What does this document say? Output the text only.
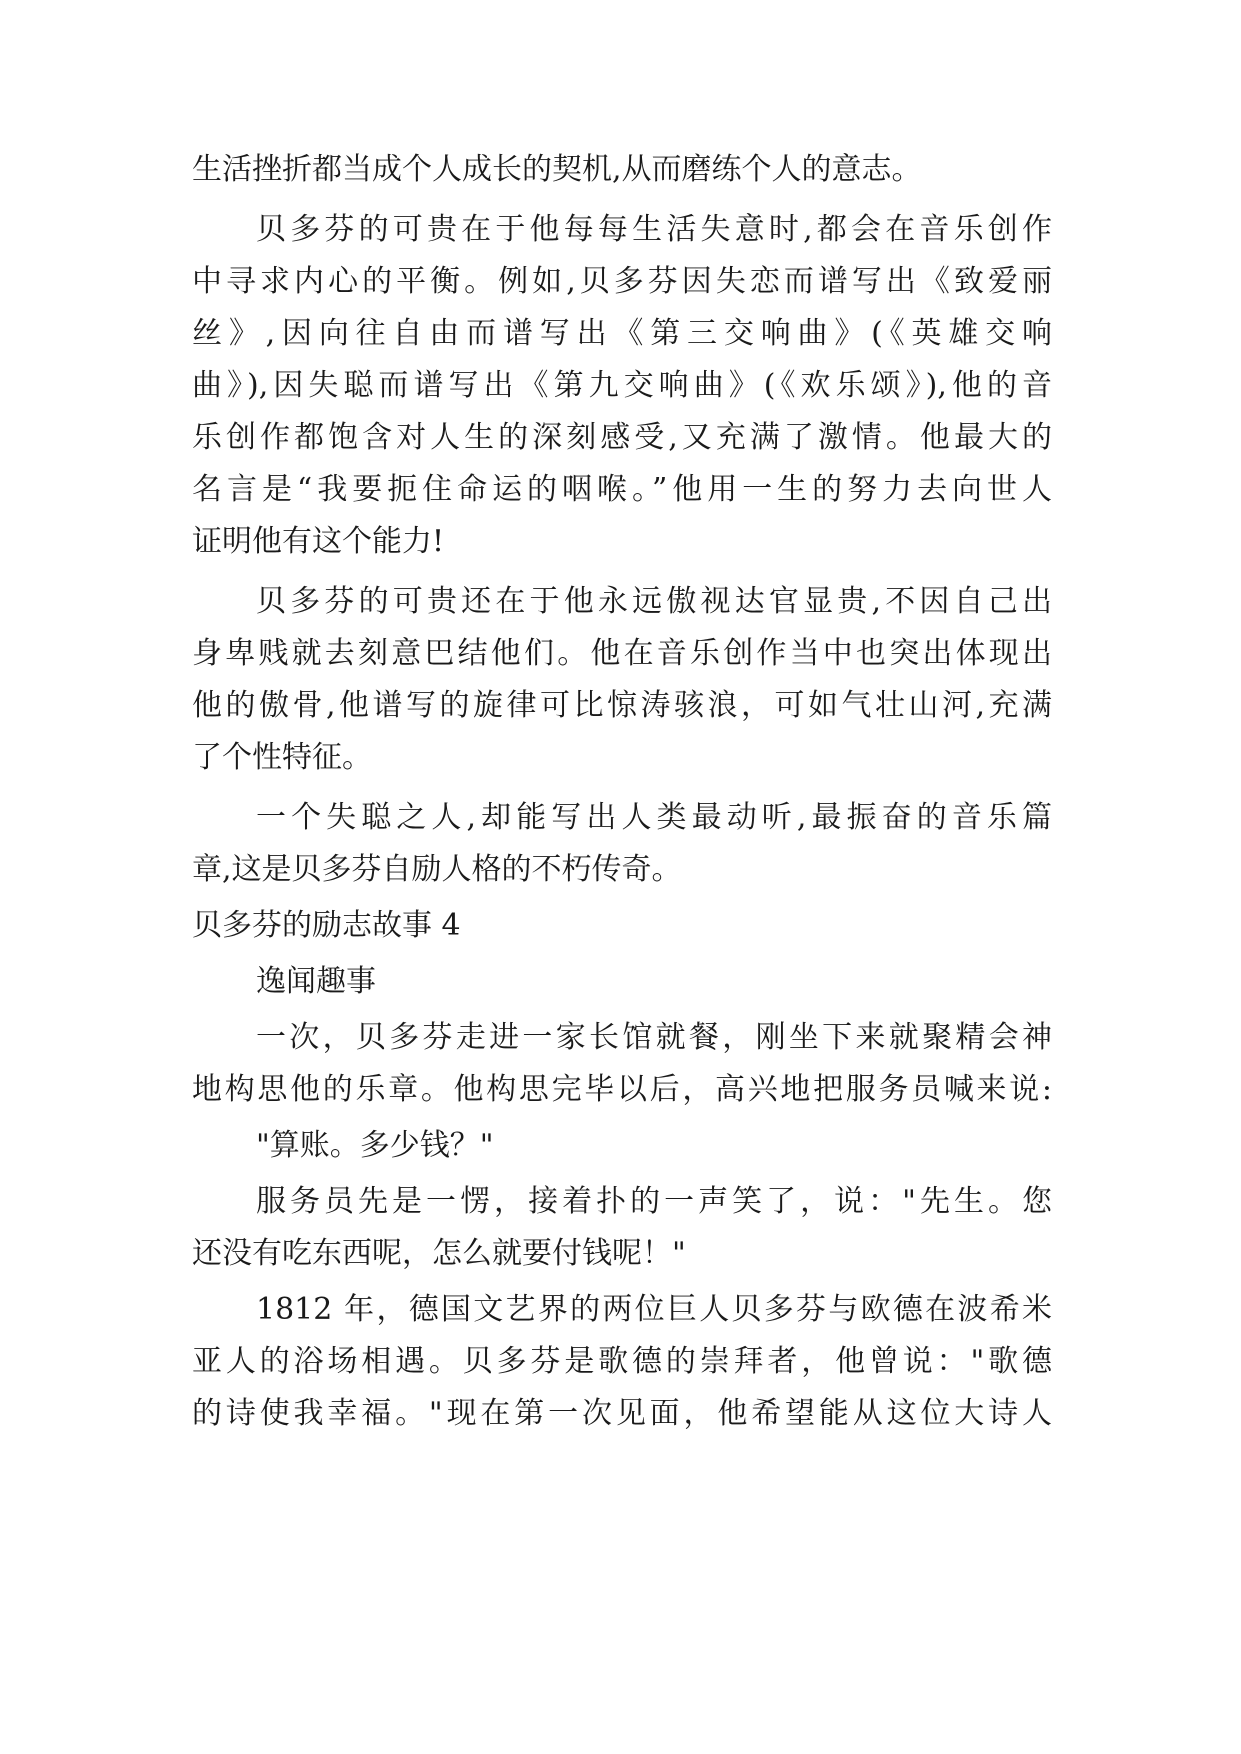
生活挫折都当成个人成长的契机,从而磨练个人的意志。
贝多芬的可贵在于他每每生活失意时,都会在音乐创作
中寻求内心的平衡。例如,贝多芬因失恋而谱写出《致爱丽
丝》,因向往自由而谱写出《第三交响曲》(《英雄交响
曲》),因失聪而谱写出《第九交响曲》(《欢乐颂》),他的音
乐创作都饱含对人生的深刻感受,又充满了激情。他最大的
名言是“我要扼住命运的咽喉。”他用一生的努力去向世人
证明他有这个能力!
贝多芬的可贵还在于他永远傲视达官显贵,不因自己出
身卑贱就去刻意巴结他们。他在音乐创作当中也突出体现出
他的傲骨,他谱写的旋律可比惊涛骇浪，可如气壮山河,充满
了个性特征。
一个失聪之人,却能写出人类最动听,最振奋的音乐篇
章,这是贝多芬自励人格的不朽传奇。
贝多芬的励志故事 4
逸闻趣事
一次，贝多芬走进一家长馆就餐，刚坐下来就聚精会神
地构思他的乐章。他构思完毕以后，高兴地把服务员喊来说:
"算账。多少钱？"
服务员先是一愣，接着扑的一声笑了，说："先生。您
还没有吃东西呢，怎么就要付钱呢！"
1812 年，德国文艺界的两位巨人贝多芬与欧德在波希米
亚人的浴场相遇。贝多芬是歌德的崇拜者，他曾说："歌德
的诗使我幸福。"现在第一次见面，他希望能从这位大诗人
